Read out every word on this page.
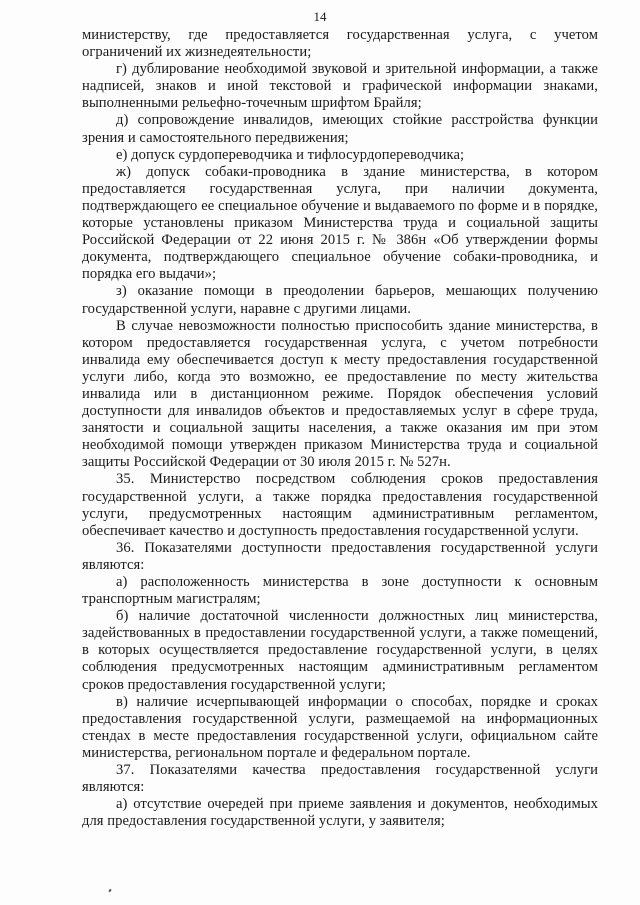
14

министерству, где предоставляется государственная услуга, с учетом ограничений их жизнедеятельности;

г) дублирование необходимой звуковой и зрительной информации, а также надписей, знаков и иной текстовой и графической информации знаками, выполненными рельефно-точечным шрифтом Брайля;

д) сопровождение инвалидов, имеющих стойкие расстройства функции зрения и самостоятельного передвижения;

е) допуск сурдопереводчика и тифлосурдопереводчика;

ж) допуск собаки-проводника в здание министерства, в котором предоставляется государственная услуга, при наличии документа, подтверждающего ее специальное обучение и выдаваемого по форме и в порядке, которые установлены приказом Министерства труда и социальной защиты Российской Федерации от 22 июня 2015 г. № 386н «Об утверждении формы документа, подтверждающего специальное обучение собаки-проводника, и порядка его выдачи»;

з) оказание помощи в преодолении барьеров, мешающих получению государственной услуги, наравне с другими лицами.

В случае невозможности полностью приспособить здание министерства, в котором предоставляется государственная услуга, с учетом потребности инвалида ему обеспечивается доступ к месту предоставления государственной услуги либо, когда это возможно, ее предоставление по месту жительства инвалида или в дистанционном режиме. Порядок обеспечения условий доступности для инвалидов объектов и предоставляемых услуг в сфере труда, занятости и социальной защиты населения, а также оказания им при этом необходимой помощи утвержден приказом Министерства труда и социальной защиты Российской Федерации от 30 июля 2015 г. № 527н.

35. Министерство посредством соблюдения сроков предоставления государственной услуги, а также порядка предоставления государственной услуги, предусмотренных настоящим административным регламентом, обеспечивает качество и доступность предоставления государственной услуги.

36. Показателями доступности предоставления государственной услуги являются:

а) расположенность министерства в зоне доступности к основным транспортным магистралям;

б) наличие достаточной численности должностных лиц министерства, задействованных в предоставлении государственной услуги, а также помещений, в которых осуществляется предоставление государственной услуги, в целях соблюдения предусмотренных настоящим административным регламентом сроков предоставления государственной услуги;

в) наличие исчерпывающей информации о способах, порядке и сроках предоставления государственной услуги, размещаемой на информационных стендах в месте предоставления государственной услуги, официальном сайте министерства, региональном портале и федеральном портале.

37. Показателями качества предоставления государственной услуги являются:

а) отсутствие очередей при приеме заявления и документов, необходимых для предоставления государственной услуги, у заявителя;
